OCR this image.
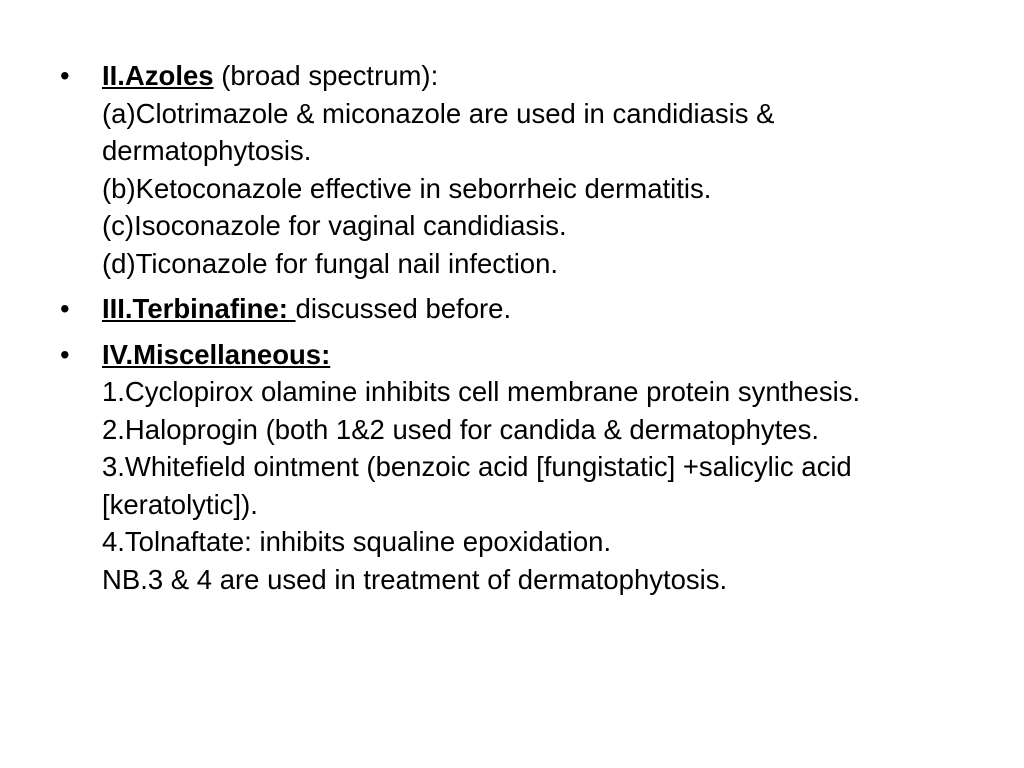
• II.Azoles (broad spectrum):
(a)Clotrimazole & miconazole are used in candidiasis & dermatophytosis.
(b)Ketoconazole effective in seborrheic dermatitis.
(c)Isoconazole for vaginal candidiasis.
(d)Ticonazole for fungal nail infection.
• III.Terbinafine: discussed before.
• IV.Miscellaneous:
1.Cyclopirox olamine inhibits cell membrane protein synthesis.
2.Haloprogin (both 1&2 used for candida & dermatophytes.
3.Whitefield ointment (benzoic acid [fungistatic] +salicylic acid [keratolytic]).
4.Tolnaftate: inhibits squaline epoxidation.
NB.3 & 4 are used in treatment of dermatophytosis.
